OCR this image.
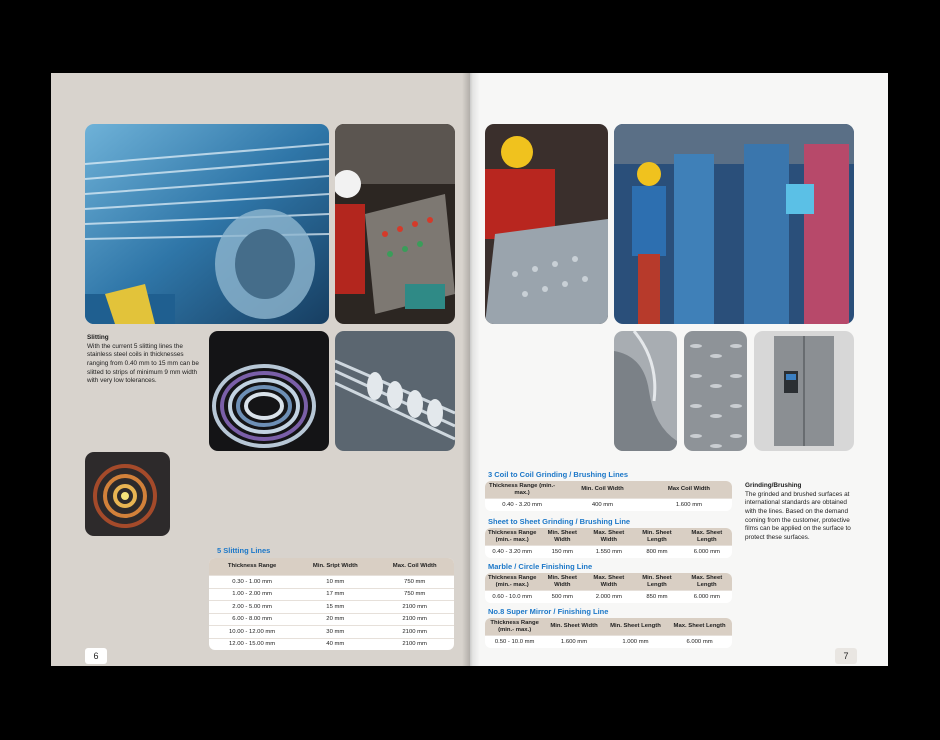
Slitting
With the current 5 slitting lines the stainless steel coils in thicknesses ranging from 0.40 mm to 15 mm can be slitted to strips of minimum 9 mm width with very low tolerances.
5 Slitting Lines
Thickness Range	Min. Sript Width	Max. Coil Width
0.30 - 1.00 mm	10 mm	750 mm
1.00 - 2.00 mm	17 mm	750 mm
2.00 - 5.00 mm	15 mm	2100 mm
6.00 - 8.00 mm	20 mm	2100 mm
10.00 - 12.00 mm	30 mm	2100 mm
12.00 - 15.00 mm	40 mm	2100 mm
6
3 Coil to Coil Grinding / Brushing Lines
Thickness Range (min.- max.)	Min. Coil Width	Max Coil Width
0.40 - 3.20 mm	400 mm	1.600 mm
Sheet to Sheet Grinding / Brushing Line
Thickness Range (min.- max.)	Min. Sheet Width	Max. Sheet Width	Min. Sheet Length	Max. Sheet Length
0.40 - 3.20 mm	150 mm	1.550 mm	800 mm	6.000 mm
Marble / Circle Finishing Line
Thickness Range (min.- max.)	Min. Sheet Width	Max. Sheet Width	Min. Sheet Length	Max. Sheet Length
0.60 - 10.0 mm	500 mm	2.000 mm	850 mm	6.000 mm
No.8 Super Mirror / Finishing Line
Thickness Range (min.- max.)	Min. Sheet Width	Min. Sheet Length	Max. Sheet Length
0.50 - 10.0 mm	1.600 mm	1.000 mm	6.000 mm
Grinding/Brushing
The grinded and brushed surfaces at international standards are obtained with the lines. Based on the demand coming from the customer, protective films can be applied on the surface to protect these surfaces.
7
